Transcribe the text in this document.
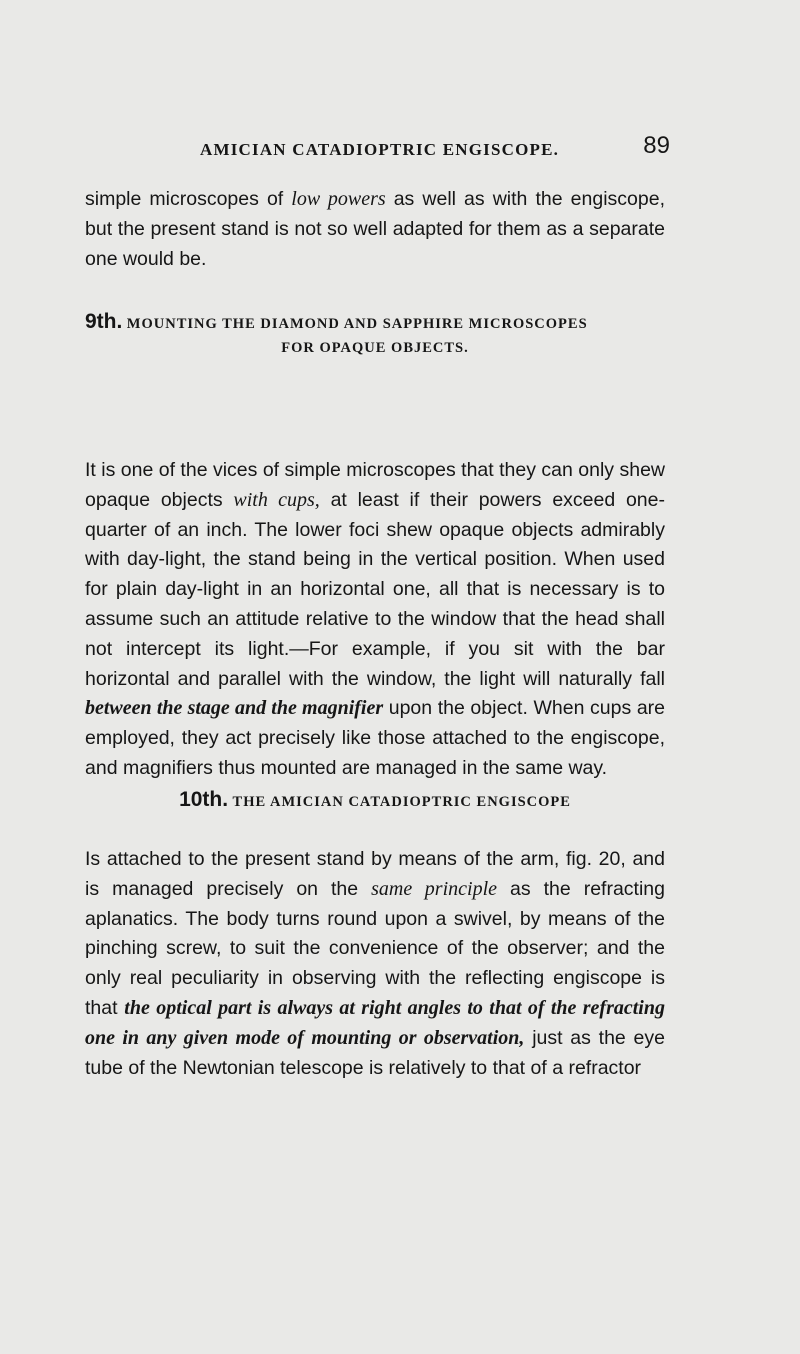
AMICIAN CATADIOPTRIC ENGISCOPE.	89

simple microscopes of low powers as well as with the engiscope, but the present stand is not so well adapted for them as a separate one would be.

9th. MOUNTING THE DIAMOND AND SAPPHIRE MICROSCOPES
FOR OPAQUE OBJECTS.

It is one of the vices of simple microscopes that they can only shew opaque objects with cups, at least if their powers exceed one-quarter of an inch. The lower foci shew opaque objects admirably with day-light, the stand being in the vertical position. When used for plain day-light in an horizontal one, all that is necessary is to assume such an attitude relative to the window that the head shall not intercept its light.—For example, if you sit with the bar horizontal and parallel with the window, the light will naturally fall between the stage and the magnifier upon the object. When cups are employed, they act precisely like those attached to the engiscope, and magnifiers thus mounted are managed in the same way.

10th. THE AMICIAN CATADIOPTRIC ENGISCOPE

Is attached to the present stand by means of the arm, fig. 20, and is managed precisely on the same principle as the refracting aplanatics. The body turns round upon a swivel, by means of the pinching screw, to suit the convenience of the observer; and the only real peculiarity in observing with the reflecting engiscope is that the optical part is always at right angles to that of the refracting one in any given mode of mounting or observation, just as the eye tube of the Newtonian telescope is relatively to that of a refractor
